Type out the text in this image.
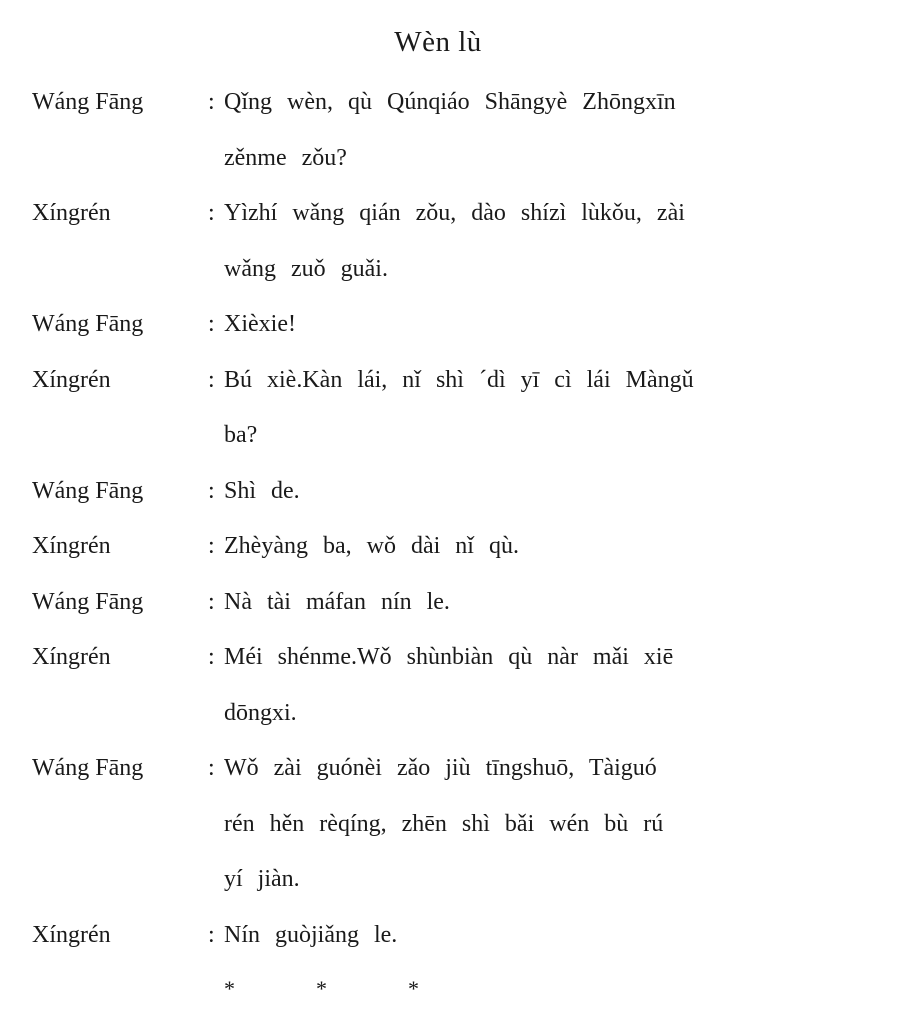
Wèn lù
Wáng Fāng	: Qǐng wèn, qù Qúnqiáo Shāngyè Zhōngxīn
zěnme zǒu?
Xíngrén	: Yìzhí wǎng qián zǒu, dào shízì lùkǒu, zài
wǎng zuǒ guǎi.
Wáng Fāng	: Xièxie!
Xíngrén	: Bú xiè.Kàn lái, nǐ shì ´dì yī cì lái Màngǔ
ba?
Wáng Fāng	: Shì de.
Xíngrén	: Zhèyàng ba, wǒ dài nǐ qù.
Wáng Fāng	: Nà tài máfan nín le.
Xíngrén	: Méi shénme.Wǒ shùnbiàn qù nàr mǎi xiē
dōngxi.
Wáng Fāng	: Wǒ zài guónèi zǎo jiù tīngshuō, Tàiguó
rén hěn rèqíng, zhēn shì bǎi wén bù rú
yí jiàn.
Xíngrén	: Nín guòjiǎng le.
*	*	*
